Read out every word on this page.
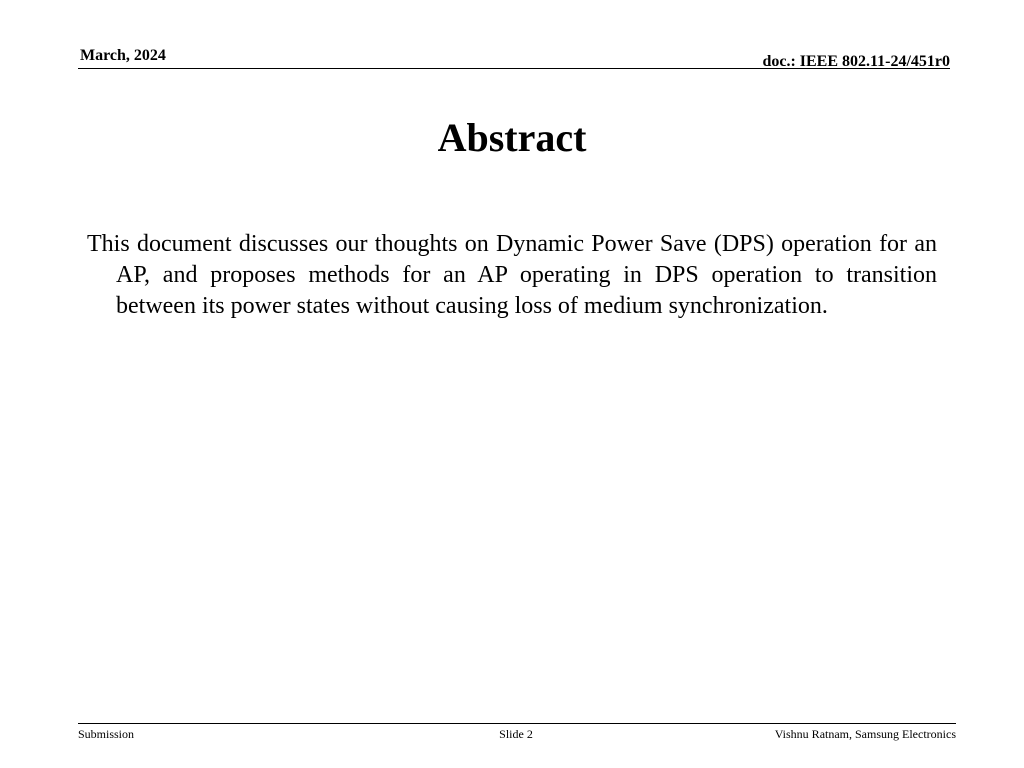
March, 2024	doc.: IEEE 802.11-24/451r0
Abstract

This document discusses our thoughts on Dynamic Power Save (DPS) operation for an AP, and proposes methods for an AP operating in DPS operation to transition between its power states without causing loss of medium synchronization.

Submission	Slide 2	Vishnu Ratnam, Samsung Electronics
